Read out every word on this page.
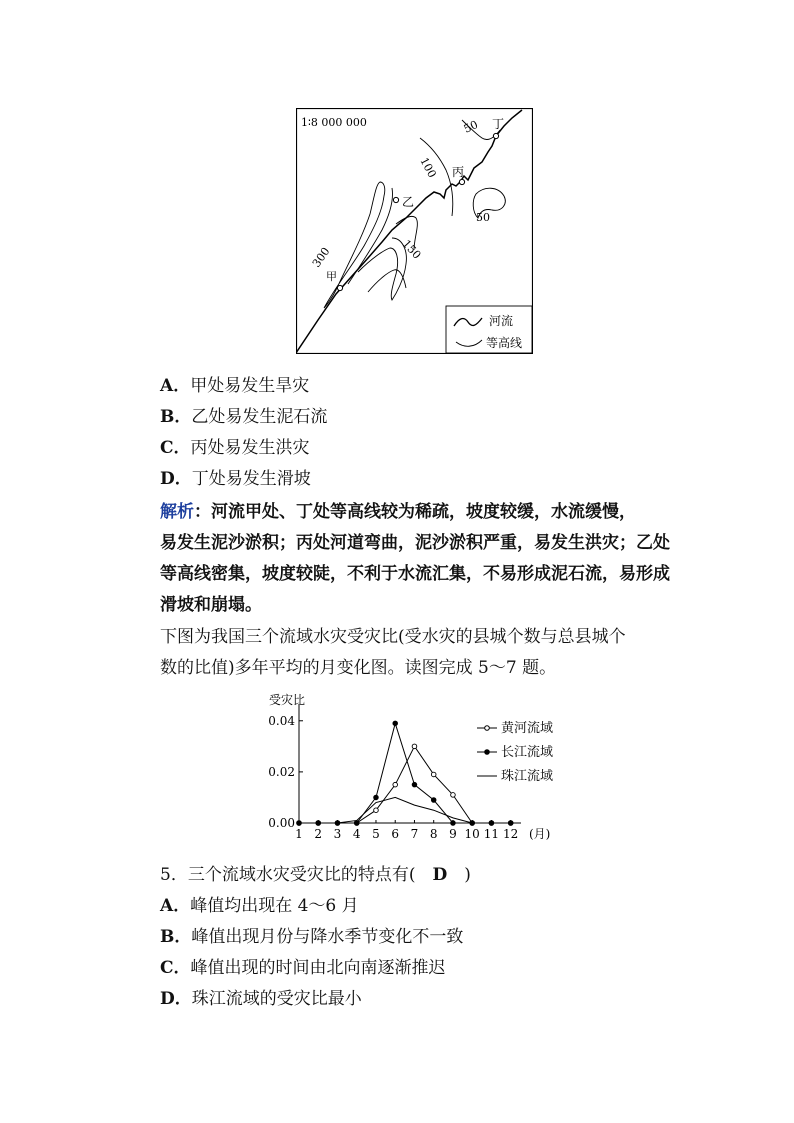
1∶8 000 000	50
100
300	150
50
甲
乙
丙
丁
河流
等高线
A．甲处易发生旱灾
B．乙处易发生泥石流
C．丙处易发生洪灾
D．丁处易发生滑坡
解析：河流甲处、丁处等高线较为稀疏，坡度较缓，水流缓慢，
易发生泥沙淤积；丙处河道弯曲，泥沙淤积严重，易发生洪灾；乙处
等高线密集，坡度较陡，不利于水流汇集，不易形成泥石流，易形成
滑坡和崩塌。
下图为我国三个流域水灾受灾比(受水灾的县城个数与总县城个
数的比值)多年平均的月变化图。读图完成 5～7 题。
受灾比
0.00
0.02
0.04
1 2 3 4 5 6 7 8 9 10 11 12 (月)
黄河流域
长江流域
珠江流域
5．三个流域水灾受灾比的特点有(　D　)
A．峰值均出现在 4～6 月
B．峰值出现月份与降水季节变化不一致
C．峰值出现的时间由北向南逐渐推迟
D．珠江流域的受灾比最小
